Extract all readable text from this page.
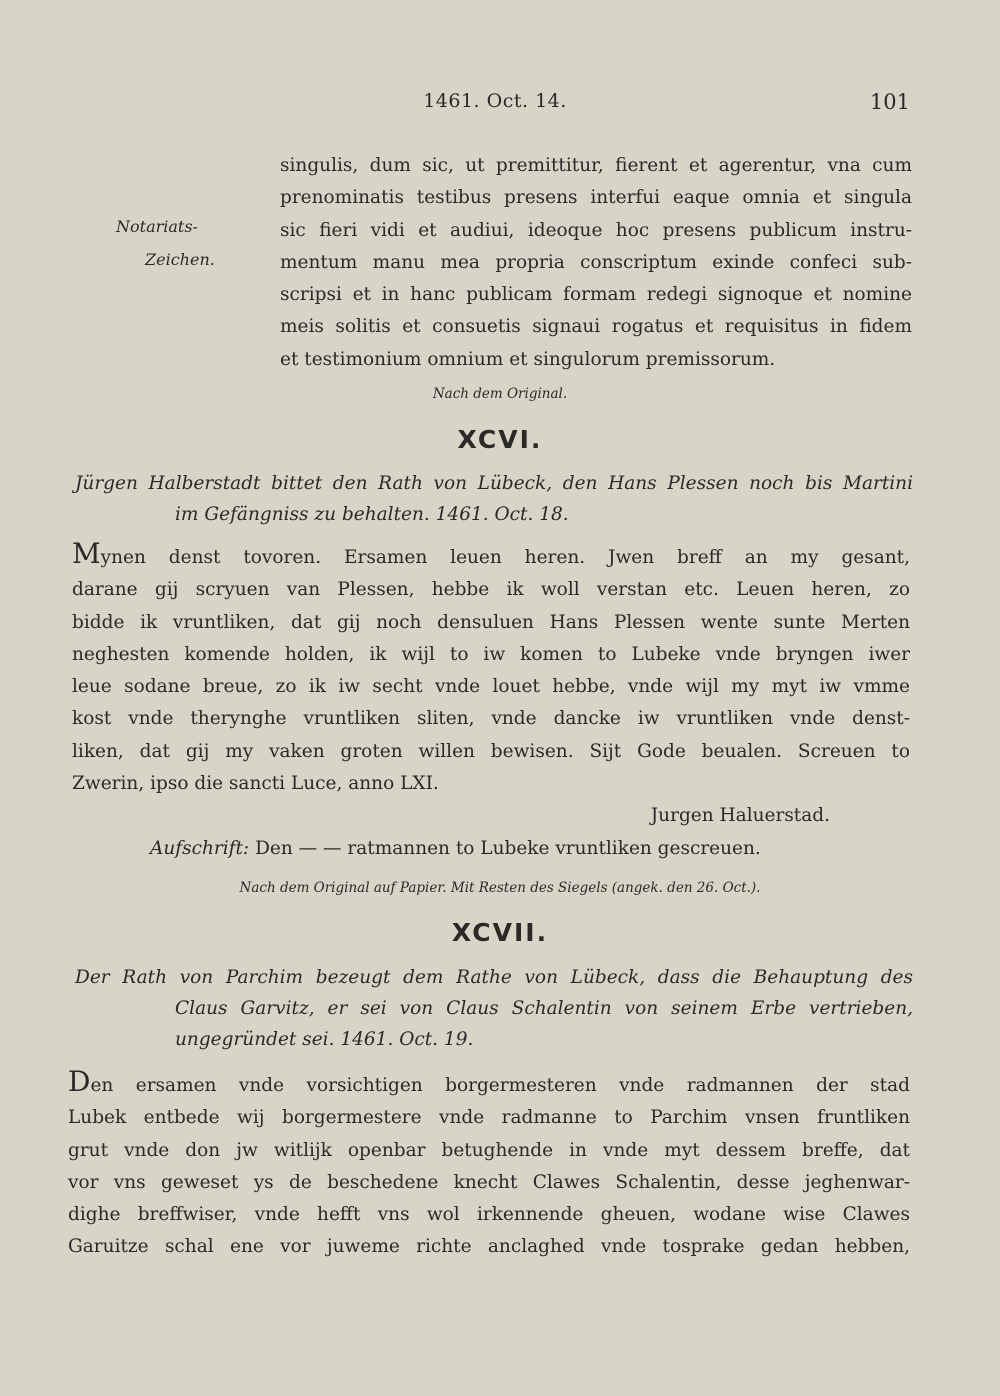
1461. Oct. 14.	101
Notariats-
Zeichen.
singulis, dum sic, ut premittitur, fierent et agerentur, vna cum
prenominatis testibus presens interfui eaque omnia et singula
sic fieri vidi et audiui, ideoque hoc presens publicum instru-
mentum manu mea propria conscriptum exinde confeci sub-
scripsi et in hanc publicam formam redegi signoque et nomine
meis solitis et consuetis signaui rogatus et requisitus in fidem
et testimonium omnium et singulorum premissorum.
Nach dem Original.
XCVI.
Jürgen Halberstadt bittet den Rath von Lübeck, den Hans Plessen noch bis Martini
im Gefängniss zu behalten. 1461. Oct. 18.
Mynen denst tovoren. Ersamen leuen heren. Jwen breff an my gesant,
darane gij scryuen van Plessen, hebbe ik woll verstan etc. Leuen heren, zo
bidde ik vruntliken, dat gij noch densuluen Hans Plessen wente sunte Merten
neghesten komende holden, ik wijl to iw komen to Lubeke vnde bryngen iwer
leue sodane breue, zo ik iw secht vnde louet hebbe, vnde wijl my myt iw vmme
kost vnde therynghe vruntliken sliten, vnde dancke iw vruntliken vnde denst-
liken, dat gij my vaken groten willen bewisen. Sijt Gode beualen. Screuen to
Zwerin, ipso die sancti Luce, anno LXI.
Jurgen Haluerstad.
Aufschrift: Den — — ratmannen to Lubeke vruntliken gescreuen.
Nach dem Original auf Papier. Mit Resten des Siegels (angek. den 26. Oct.).
XCVII.
Der Rath von Parchim bezeugt dem Rathe von Lübeck, dass die Behauptung des
Claus Garvitz, er sei von Claus Schalentin von seinem Erbe vertrieben,
ungegründet sei. 1461. Oct. 19.
Den ersamen vnde vorsichtigen borgermesteren vnde radmannen der stad
Lubek entbede wij borgermestere vnde radmanne to Parchim vnsen fruntliken
grut vnde don jw witlijk openbar betughende in vnde myt dessem breffe, dat
vor vns geweset ys de beschedene knecht Clawes Schalentin, desse jeghenwar-
dighe breffwiser, vnde hefft vns wol irkennende gheuen, wodane wise Clawes
Garuitze schal ene vor juweme richte anclaghed vnde tosprake gedan hebben,
